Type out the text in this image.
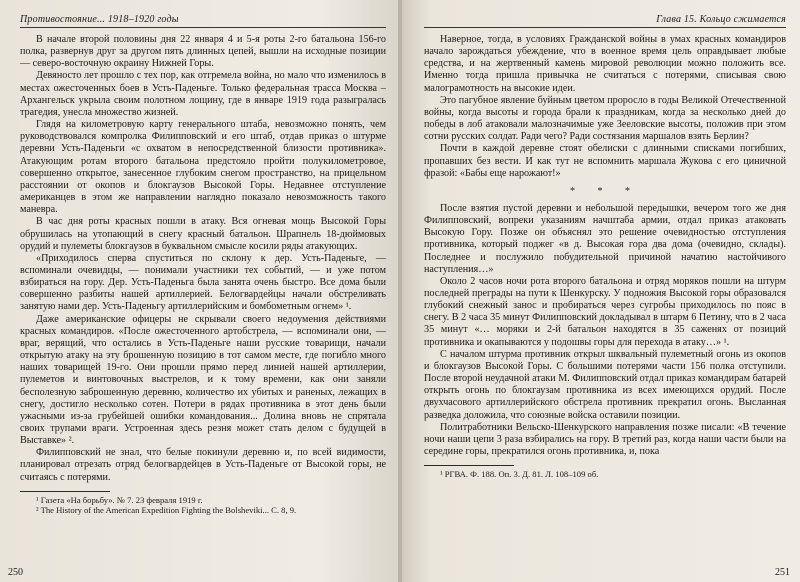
Противостояние... 1918–1920 годы

В начале второй половины дня 22 января 4 и 5-я роты 2-го батальона 156-го полка, развернув друг за другом пять длинных цепей, вышли на исходные позиции — северо-восточную окраину Нижней Горы.

Девяносто лет прошло с тех пор, как отгремела война, но мало что изменилось в местах ожесточенных боев в Усть-Паденьге. Только федеральная трасса Москва – Архангельск укрыла своим полотном лощину, где в январе 1919 года разыгралась трагедия, унесла множество жизней.

Глядя на километровую карту генерального штаба, невозможно понять, чем руководствовался компролка Филипповский и его штаб, отдав приказ о штурме деревни Усть-Паденьги «с охватом в непосредственной близости противника». Атакующим ротам второго батальона предстояло пройти полукилометровое, совершенно открытое, занесенное глубоким снегом пространство, на прицельном расстоянии от окопов и блокгаузов Высокой Горы. Недавнее отступление американцев в этом же направлении наглядно показало невозможность такого маневра.

В час дня роты красных пошли в атаку. Вся огневая мощь Высокой Горы обрушилась на утопающий в снегу красный батальон. Шрапнель 18-дюймовых орудий и пулеметы блокгаузов в буквальном смысле косили ряды атакующих.

«Приходилось сперва спуститься по склону к дер. Усть-Паденьге, — вспоминали очевидцы, — понимали участники тех событий, — и уже потом взбираться на гору. Дер. Усть-Паденьга была занята очень быстро. Все дома были совершенно разбиты нашей артиллерией. Белогвардейцы начали обстреливать занятую нами дер. Усть-Паденьгу артиллерийским и бомбометным огнем» ¹.

Даже американские офицеры не скрывали своего недоумения действиями красных командиров. «После ожесточенного артобстрела, — вспоминали они, — враг, верящий, что остались в Усть-Паденьге наши русские товарищи, начали открытую атаку на эту брошенную позицию в тот самом месте, где погибло много наших товарищей 19-го. Они прошли прямо перед линией нашей артиллерии, пулеметов и винтовочных выстрелов, и к тому времени, как они заняли бесполезную заброшенную деревню, количество их убитых и раненых, лежащих в снегу, достигло несколько сотен. Потери в рядах противника в этот день были ужасными из-за грубейшей ошибки командования... Долина вновь не спрятала своих трупами враги. Устроенная здесь резня может стать делом с будущей в Выставке» ².

Филипповский не знал, что белые покинули деревню и, по всей видимости, планировал отрезать отряд белогвардейцев в Усть-Паденьге от Высокой горы, не считаясь с потерями.

¹ Газета «На борьбу». № 7. 23 февраля 1919 г.

² The History of the American Expedition Fighting the Bolsheviki... С. 8, 9.

250
Глава 15. Кольцо сжимается

Наверное, тогда, в условиях Гражданской войны в умах красных командиров начало зарождаться убеждение, что в военное время цель оправдывает любые средства, и на жертвенный камень мировой революции можно положить все. Именно тогда пришла привычка не считаться с потерями, списывая свою малограмотность на высокие идеи.

Это пагубное явление буйным цветом проросло в годы Великой Отечественной войны, когда высоты и города брали к праздникам, когда за несколько дней до победы в лоб атаковали малозначимые уже Зееловские высоты, положив при этом сотни русских солдат. Ради чего? Ради состязания маршалов взять Берлин?

Почти в каждой деревне стоят обелиски с длинными списками погибших, пропавших без вести. И как тут не вспомнить маршала Жукова с его циничной фразой: «Бабы еще нарожают!»

* * *

После взятия пустой деревни и небольшой передышки, вечером того же дня Филипповский, вопреки указаниям начштаба армии, отдал приказ атаковать Высокую Гору. Позже он объяснял это решение очевидностью отступления противника, который поджег «в д. Высокая гора два дома (очевидно, склады). Последнее и послужило побудительной причиной начатию настойчивого наступления…»

Около 2 часов ночи рота второго батальона и отряд моряков пошли на штурм последней преграды на пути к Шенкурску. У подножия Высокой горы образовался глубокий снежный занос и пробираться через сугробы приходилось по пояс в снегу. В 2 часа 35 минут Филипповский докладывал в штарм 6 Петину, что в 2 часа 35 минут «… моряки и 2-й батальон находятся в 35 саженях от позиций противника и окапываются у подошвы горы для перехода в атаку…» ¹.

С началом штурма противник открыл шквальный пулеметный огонь из окопов и блокгаузов Высокой Горы. С большими потерями части 156 полка отступили. После второй неудачной атаки М. Филипповский отдал приказ командирам батарей открыть огонь по блокгаузам противника из всех имеющихся орудий. После двухчасового артиллерийского обстрела противник прекратил огонь. Высланная разведка доложила, что союзные войска оставили позиции.

Политработники Вельско-Шенкурского направления позже писали: «В течение ночи наши цепи 3 раза взбирались на гору. В третий раз, когда наши части были на середине горы, прекратился огонь противника, и, пока

¹ РГВА. Ф. 188. Оп. 3. Д. 81. Л. 108–109 об.

251
